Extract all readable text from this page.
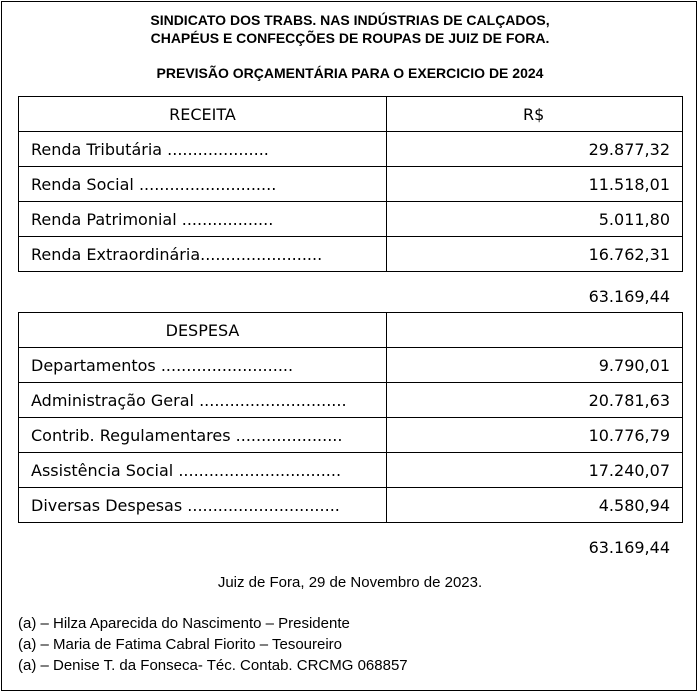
SINDICATO DOS TRABS. NAS INDÚSTRIAS DE CALÇADOS,
CHAPÉUS E CONFECÇÕES DE ROUPAS DE JUIZ DE FORA.
PREVISÃO ORÇAMENTÁRIA PARA O EXERCICIO DE 2024
RECEITA	R$
Renda Tributária ....................	29.877,32
Renda Social ...........................	11.518,01
Renda Patrimonial ..................	5.011,80
Renda Extraordinária........................	16.762,31
63.169,44
DESPESA	
Departamentos ..........................	9.790,01
Administração Geral .............................	20.781,63
Contrib. Regulamentares .....................	10.776,79
Assistência Social ................................	17.240,07
Diversas Despesas ..............................	4.580,94
63.169,44
Juiz de Fora, 29 de Novembro de 2023.
(a) – Hilza Aparecida do Nascimento – Presidente
(a) – Maria de Fatima Cabral Fiorito – Tesoureiro
(a) – Denise T. da Fonseca- Téc. Contab. CRCMG 068857
